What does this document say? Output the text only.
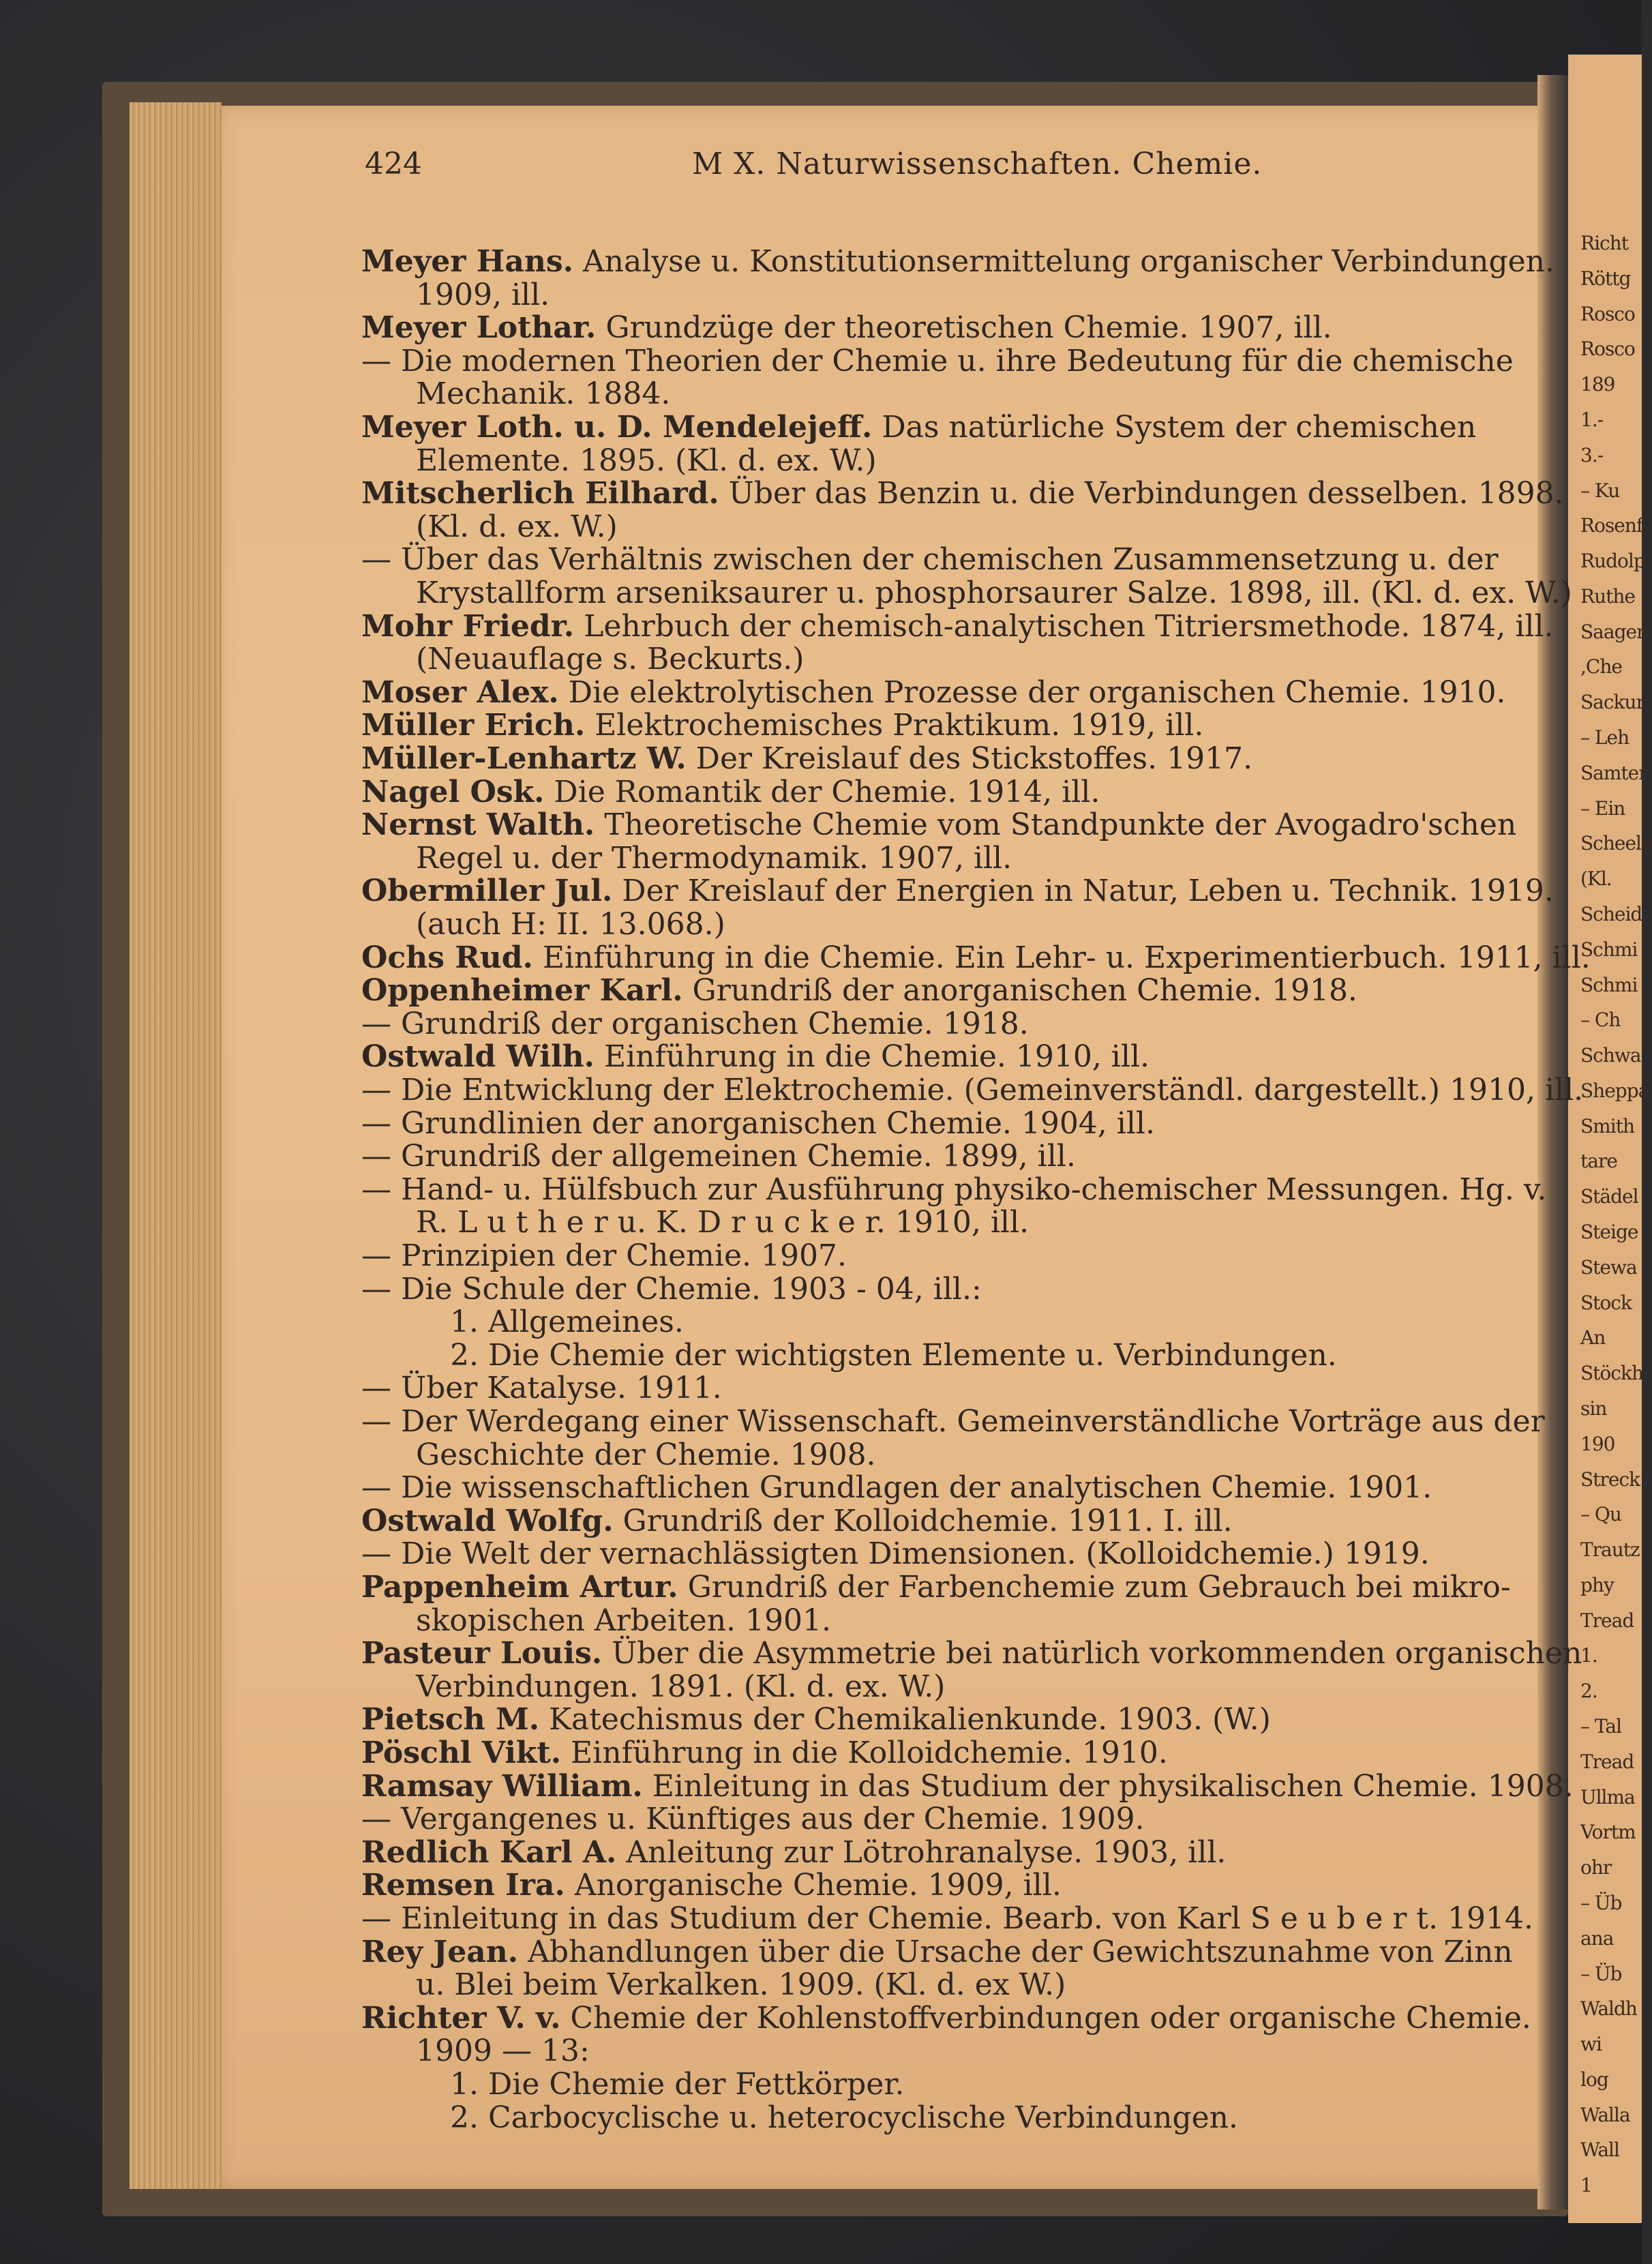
Richt
Röttg
Rosco
Rosco
189
1.-
3.-
– Ku
Rosenf
Rudolp
Ruthe
Saager
,Che
Sackur
– Leh
Samter
– Ein
Scheele
(Kl.
Scheid
Schmi
Schmi
– Ch
Schwa
Sheppa
Smith
tare
Städel
Steige
Stewa
Stock
An
Stöckh
sin
190
Streck
– Qu
Trautz
phy
Tread
1.
2.
– Tal
Tread
Ullma
Vortm
ohr
– Üb
ana
– Üb
Waldh
wi
log
Walla
Wall
1
424	M X. Naturwissenschaften. Chemie.
Meyer Hans. Analyse u. Konstitutionsermittelung organischer Verbindungen.
1909, ill.
Meyer Lothar. Grundzüge der theoretischen Chemie. 1907, ill.
— Die modernen Theorien der Chemie u. ihre Bedeutung für die chemische
Mechanik. 1884.
Meyer Loth. u. D. Mendelejeff. Das natürliche System der chemischen
Elemente. 1895. (Kl. d. ex. W.)
Mitscherlich Eilhard. Über das Benzin u. die Verbindungen desselben. 1898.
(Kl. d. ex. W.)
— Über das Verhältnis zwischen der chemischen Zusammensetzung u. der
Krystallform arseniksaurer u. phosphorsaurer Salze. 1898, ill. (Kl. d. ex. W.)
Mohr Friedr. Lehrbuch der chemisch-analytischen Titriersmethode. 1874, ill.
(Neuauflage s. Beckurts.)
Moser Alex. Die elektrolytischen Prozesse der organischen Chemie. 1910.
Müller Erich. Elektrochemisches Praktikum. 1919, ill.
Müller-Lenhartz W. Der Kreislauf des Stickstoffes. 1917.
Nagel Osk. Die Romantik der Chemie. 1914, ill.
Nernst Walth. Theoretische Chemie vom Standpunkte der Avogadro'schen
Regel u. der Thermodynamik. 1907, ill.
Obermiller Jul. Der Kreislauf der Energien in Natur, Leben u. Technik. 1919.
(auch H: II. 13.068.)
Ochs Rud. Einführung in die Chemie. Ein Lehr- u. Experimentierbuch. 1911, ill.
Oppenheimer Karl. Grundriß der anorganischen Chemie. 1918.
— Grundriß der organischen Chemie. 1918.
Ostwald Wilh. Einführung in die Chemie. 1910, ill.
— Die Entwicklung der Elektrochemie. (Gemeinverständl. dargestellt.) 1910, ill.
— Grundlinien der anorganischen Chemie. 1904, ill.
— Grundriß der allgemeinen Chemie. 1899, ill.
— Hand- u. Hülfsbuch zur Ausführung physiko-chemischer Messungen. Hg. v.
R. L u t h e r u. K. D r u c k e r. 1910, ill.
— Prinzipien der Chemie. 1907.
— Die Schule der Chemie. 1903 - 04, ill.:
1. Allgemeines.
2. Die Chemie der wichtigsten Elemente u. Verbindungen.
— Über Katalyse. 1911.
— Der Werdegang einer Wissenschaft. Gemeinverständliche Vorträge aus der
Geschichte der Chemie. 1908.
— Die wissenschaftlichen Grundlagen der analytischen Chemie. 1901.
Ostwald Wolfg. Grundriß der Kolloidchemie. 1911. I. ill.
— Die Welt der vernachlässigten Dimensionen. (Kolloidchemie.) 1919.
Pappenheim Artur. Grundriß der Farbenchemie zum Gebrauch bei mikro-
skopischen Arbeiten. 1901.
Pasteur Louis. Über die Asymmetrie bei natürlich vorkommenden organischen
Verbindungen. 1891. (Kl. d. ex. W.)
Pietsch M. Katechismus der Chemikalienkunde. 1903. (W.)
Pöschl Vikt. Einführung in die Kolloidchemie. 1910.
Ramsay William. Einleitung in das Studium der physikalischen Chemie. 1908.
— Vergangenes u. Künftiges aus der Chemie. 1909.
Redlich Karl A. Anleitung zur Lötrohranalyse. 1903, ill.
Remsen Ira. Anorganische Chemie. 1909, ill.
— Einleitung in das Studium der Chemie. Bearb. von Karl S e u b e r t. 1914.
Rey Jean. Abhandlungen über die Ursache der Gewichtszunahme von Zinn
u. Blei beim Verkalken. 1909. (Kl. d. ex W.)
Richter V. v. Chemie der Kohlenstoffverbindungen oder organische Chemie.
1909 — 13:
1. Die Chemie der Fettkörper.
2. Carbocyclische u. heterocyclische Verbindungen.
